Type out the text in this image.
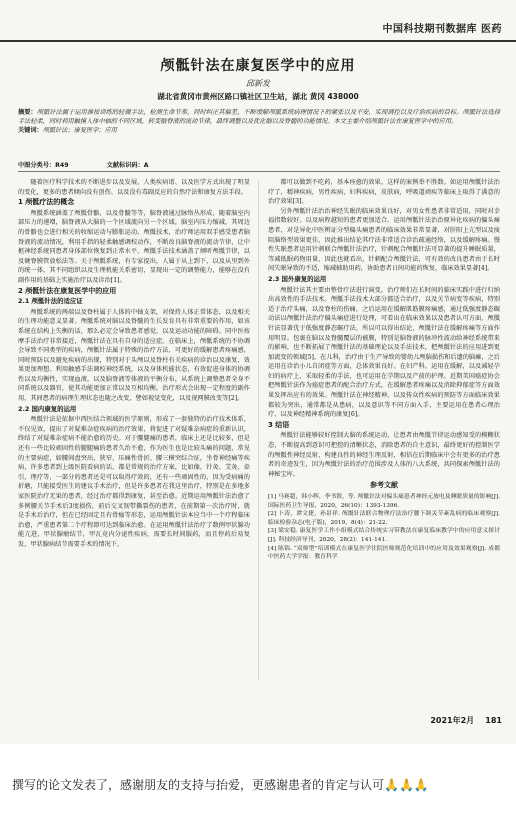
中国科技期刊数据库 医药
颅骶针法在康复医学中的应用
邱新发
湖北省黄冈市黄州区路口镇社区卫生站，湖北 黄冈 438000
摘要：颅骶针法属于运用推按训练的轻微手法，检测生命节奏，同时纠正其偏差，不断缓解颅骶系统病理情况下的紧张以及不安，实现调控以及疗治疾病的目标。颅骶针法选择手法轻柔，同时利用触摸人体中轴的不同区域，转变脑脊液的流动节律，最终调整以及优化脑以及脊髓的功能情况。本文主要介绍颅骶针法在康复医学中的应用。
关键词：颅骶针法；康复医学；应用
中图分类号：R49	文献标识码：A

随着医疗科学技术的不断进步以及发展，人类疾病谱、以及医学方式出现了明显的变化，更多的患者倾向没有创伤、以及没有毒副反应的自然疗法和康复方法手段。

1 颅骶疗法的概念

颅骶系统涵盖了颅骶骨骼，以及骨髓等等，脑脊液通过脉络丛形成，随着脑室内部压力的递增，脑脊液从大脑的一个区域流向另一个区域，脑室内压力缩减，其周边的骨骼也会进行相关的收缩运动与膨胀运动。颅骶技术，治疗师运用双手感受患者脑脊液的流动情况，利用手指的轻柔触感调校动作，不断改良脑脊液的流动节律，让中枢神经系统同患者身体部位恢复到正常水平，颅骶手法技术涵盖了倾听颅骶节律，以及硬脊膜管放松法等。关于颅骶系统，有专家提出，人属于从上到下，以及从里到外的统一体，其不同组织以及生理机能关系密切，显现出一定的调整能力，能够在没有副作用的基础上实施治疗以及诊治[1]。

2 颅骶针法在康复医学中的应用

2.1 颅骶针法的适应证

颅骶系统的两端以及脊柱属于人体的中轴支架，对保持人体正常体态，以及相关的生理功能意义显著。颅骶系统对脑以及脊髓的生长发育具有非常重要的作用，如该系统在结构上失衡的话，那么必定会导致患者感觉，以及运动功能的障碍。同中医按摩手法治疗非常接近，颅骶针法在具有自身的适应症。在临床上，颅骶系统的不协调会导致不同类型的疾病，颅骶针法属于特殊的治疗方法，可更好的缓解患者疼痛感，同时预防以及避免疾病的出现，特别对于头颅以及脊柱有关疾病的诊治以及康复，效果更加理想。利用触感手法调校神经系统，以及身体机能状态，有效促进身体的协调性以及均衡性，实现血液，以及脑脊液等体液的平衡分布，从系统上调整患者全身不同系统以及器官，使其功能更加正常以及互相均衡。治疗形式会出现一定程度的副作用，其间患者的病理生理状态也随之改变，譬如视觉变化，以及视网膜改变等[2]。

2.2 国内康复的运用

颅骶针法是依据中西医结合领域的医学原则，形成了一套独特的治疗技术体系，不仅见效，提出了对疑难杂症疾病的治疗效果，将促进了对疑难杂病症的重新认识，终结了对疑难杂症病不能治愈的历史。对于腰腿痛的患者，临床上还是比较多，但是还有一些比较顽固性的腿腿痛的患者久治不愈，作为医生也是比较头痛的问题，常见的主要病症，如腰间盘突出，狭窄，压痛性骨折、腰三横突综合征，坐骨神经痛等疾病，许多患者到上级医院看病的话，都是常规的治疗方案，比如像，针灸、艾灸、牵引、理疗等，一部分的患者还是可以取得疗效的，还有一些顽固性的，因为受病痛的折磨，只能接受医生的建议手术治疗，但是许多患者在我这里治疗，特别是在多地多家医院治疗无果的患者，经过治疗都得到康复，甚至治愈。近期运用颅骶针法治愈了多例腰关节手术后3度损伤，前后交叉韧带撕裂伤的患者，在前期第一次治疗时，就是手术后治疗，但在已经固定且有骨痂等形态，运用颅骶针法本应当中一个疗程临床治愈，严重患者第二个疗程即可达到临床治愈。在运用颅骶针法治疗了数例甲状腺功能亢进，甲状腺瘤结节，甲瓦竟内分泌性疾病，需要长时间服药，而且停药后易复发，甲状腺病结节需要手术的情况下，

都可以做到不吃药，基本痊愈的效果。这样的案例举不胜数。如运用颅骶针法治疗了，精神疾病，男性疾病，妇科疾病，皮肤病，呼吸道顽疾等临床上取得了满意的治疗效果[3]。

另外颅骶针法治治神经失眠的临床效果良好，对男女性患者非常适用，同时对幸福指数较好。以及病程越短的患者更加适合。运用颅骶针法治治原异化疾病的偏头痛患者，对是异化中医辨证分型偏头痛患者的临床效果非常显著，对肝阳上亢型以及痰阻脑络型效果更佳，因此推出结论其疗法非常适合诊治疏通经络，以及缓解疼痛。慢性失眠患者运用针刺联合颅骶针法治疗，针刺配合颅骶针法可显著的提升睡眠质量，等减低眠药物用量，因此也就看出，针刺配合颅骶针法，可有效的改良患者由于长时间失眠导致的不适，缩减辅助用药，协助患者日间功能的恢复，临床效果显著[4]。

2.3 国外康复的运用

颅骶针法其主要由整骨疗法进行演变，治疗师们在长时间的临床实践中进行归纳出高效性的手法技术。颅骶手法技术大部分都适合治疗，以及关节病变等疾病，特别适于治疗头痛，以及脊柱的伤痛，之后运用在缓解肌筋膜疼痛感，通过低强度静态碾动法以颅骶针法治疗偏头痛症进行处理，可看出在临床效果以及患者认可方面，颅骶针法显著优于低强度静态碾疗法，所以可以得出结论，颅骶针法在缓解疼痛等方面作用明显。包裹在脑以及脊髓覆层的被膜，特别是脑脊液的脉冲性波动给神经系统带来的影响，也不断拓展了颅骶针法的基础理论以及手法技术，把颅骶针法的应用进到更加流变的领域[5]，在儿科，治疗由于生产导致的婴幼儿颅脑损伤和后遗的脑瘫，之后运用在诊治小儿自闭症等方面，总体效果良好。在妇产科，运用在缓解，以及减轻孕妇的病疗上，采取轻柔的手法，也可运用在孕期以及产前的护理。近期美国癌症协会把颅骶针法作为癌症患者的配合治疗方式，在缓解患者疼痛以及消除抑郁症等方面效果发挥出应有的效果。颅骶针法在神经精神，以及传众性疾病的预防等方面临床效果都较为突出，通常都是从患病，以及意识等不同方面入手，主要运用在患者心理治疗，以及神经精神系统的康复[6]。

3 结语

颅骶针法能够较好控制大脑的系统运动，让患者由颅骶节律运动感知受的模糊状态，不断提高到意识可把控的清晰状态，消除患者的自主意识，最终更好的控制医学的颅骶性神经反射，构建良性的神经生理反射，相信在后期临床中会有更多的治疗患者的奇迹发生，因为颅骶针法的治疗范围涉及人体的八大系统，共同探索颅骶针法的神秘宝库。

参考文献

[1] 马赛超，韩小辉，李书银，等. 颅骶针法对偏头痛患者神经元放电及睡眠质量的影响[J]. 国际医药卫生导报，2020，26(10)：1393-1396.

[2] 卜涛，谭文捷，孙景祥. 颅骶针法联合物理疗法治疗腰下颌关节紊乱病的临床观察[J]. 临床检验杂志(电子版)，2019，8(4)：21-22.

[3] 梁安稳. 康复医学工作小组模式结合传统实习带教法在康复临床教学中的应用意义探讨[J]. 科技经济导刊，2020，28(2)：141-141.

[4] 陈锦. “双师型”培训模式在康复医学住院医师规范化培训中的应用及效果观察[J]. 成都中医药大学学报：教育科学

2021年2月 181
撰写的论文发表了，感谢朋友的支持与抬爱，更感谢患者的肯定与认可🙏🙏🙏
